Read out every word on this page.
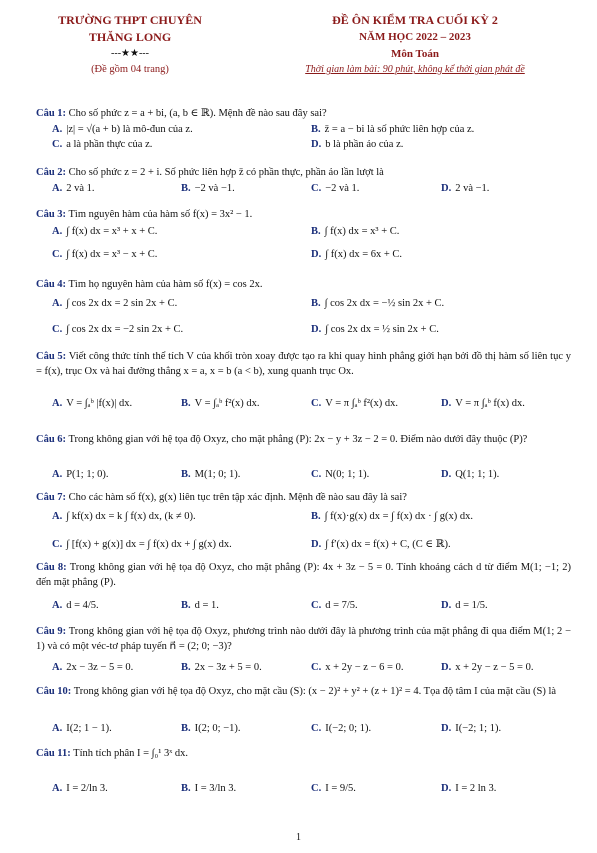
TRƯỜNG THPT CHUYÊN
THĂNG LONG
---★★---
(Đề gồm 04 trang)
ĐỀ ÔN KIỂM TRA CUỐI KỲ 2
NĂM HỌC 2022 – 2023
Môn Toán
Thời gian làm bài: 90 phút, không kể thời gian phát đề
Câu 1: Cho số phức z = a + bi, (a, b ∈ ℝ). Mệnh đề nào sau đây sai?
A. |z| = √(a + b) là mô-đun của z.	B. z̄ = a − bi là số phức liên hợp của z.
C. a là phần thực của z.	D. b là phần ảo của z.
Câu 2: Cho số phức z = 2 + i. Số phức liên hợp z̄ có phần thực, phần ảo lần lượt là
A. 2 và 1.	B. −2 và −1.	C. −2 và 1.	D. 2 và −1.
Câu 3: Tìm nguyên hàm của hàm số f(x) = 3x² − 1.
A. ∫ f(x) dx = x³ + x + C.	B. ∫ f(x) dx = x³ + C.
C. ∫ f(x) dx = x³ − x + C.	D. ∫ f(x) dx = 6x + C.
Câu 4: Tìm họ nguyên hàm của hàm số f(x) = cos 2x.
A. ∫ cos 2x dx = 2 sin 2x + C.	B. ∫ cos 2x dx = −½ sin 2x + C.
C. ∫ cos 2x dx = −2 sin 2x + C.	D. ∫ cos 2x dx = ½ sin 2x + C.
Câu 5: Viết công thức tính thể tích V của khối tròn xoay được tạo ra khi quay hình phẳng giới hạn bởi đồ thị hàm số liên tục y = f(x), trục Ox và hai đường thẳng x = a, x = b (a < b), xung quanh trục Ox.
A. V = ∫ₐᵇ |f(x)| dx.	B. V = ∫ₐᵇ f²(x) dx.	C. V = π ∫ₐᵇ f²(x) dx.	D. V = π ∫ₐᵇ f(x) dx.
Câu 6: Trong không gian với hệ tọa độ Oxyz, cho mặt phẳng (P): 2x − y + 3z − 2 = 0. Điểm nào dưới đây thuộc (P)?
A. P(1; 1; 0).	B. M(1; 0; 1).	C. N(0; 1; 1).	D. Q(1; 1; 1).
Câu 7: Cho các hàm số f(x), g(x) liên tục trên tập xác định. Mệnh đề nào sau đây là sai?
A. ∫ kf(x) dx = k ∫ f(x) dx, (k ≠ 0).	B. ∫ f(x)·g(x) dx = ∫ f(x) dx · ∫ g(x) dx.
C. ∫ [f(x) + g(x)] dx = ∫ f(x) dx + ∫ g(x) dx.	D. ∫ f′(x) dx = f(x) + C, (C ∈ ℝ).
Câu 8: Trong không gian với hệ tọa độ Oxyz, cho mặt phẳng (P): 4x + 3z − 5 = 0. Tính khoảng cách d từ điểm M(1; −1; 2) đến mặt phẳng (P).
A. d = 4/5.	B. d = 1.	C. d = 7/5.	D. d = 1/5.
Câu 9: Trong không gian với hệ tọa độ Oxyz, phương trình nào dưới đây là phương trình của mặt phẳng đi qua điểm M(1; 2 − 1) và có một véc-tơ pháp tuyến n⃗ = (2; 0; −3)?
A. 2x − 3z − 5 = 0.	B. 2x − 3z + 5 = 0.	C. x + 2y − z − 6 = 0.	D. x + 2y − z − 5 = 0.
Câu 10: Trong không gian với hệ tọa độ Oxyz, cho mặt cầu (S): (x − 2)² + y² + (z + 1)² = 4. Tọa độ tâm I của mặt cầu (S) là
A. I(2; 1 − 1).	B. I(2; 0; −1).	C. I(−2; 0; 1).	D. I(−2; 1; 1).
Câu 11: Tính tích phân I = ∫₀¹ 3ˣ dx.
A. I = 2/ln 3.	B. I = 3/ln 3.	C. I = 9/5.	D. I = 2 ln 3.
1
